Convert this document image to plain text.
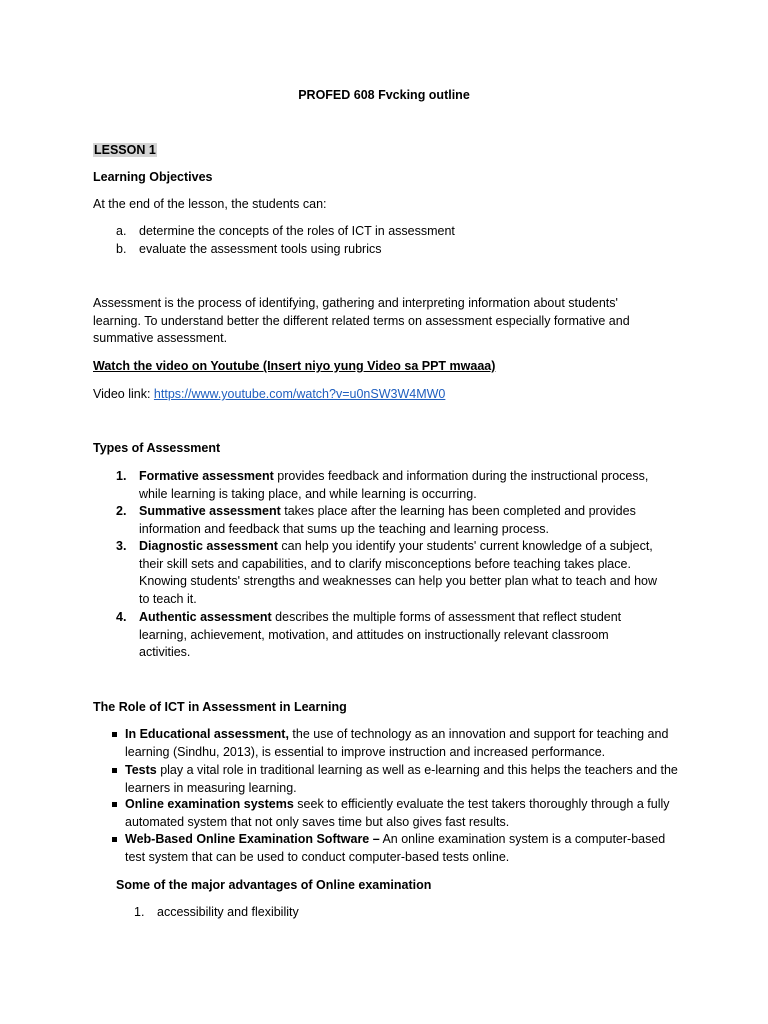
PROFED 608 Fvcking outline
LESSON 1
Learning Objectives
At the end of the lesson, the students can:
a.	determine the concepts of the roles of ICT in assessment
b.	evaluate the assessment tools using rubrics
Assessment is the process of identifying, gathering and interpreting information about students' learning. To understand better the different related terms on assessment especially formative and summative assessment.
Watch the video on Youtube (Insert niyo yung Video sa PPT mwaaa)
Video link: https://www.youtube.com/watch?v=u0nSW3W4MW0
Types of Assessment
1.	Formative assessment provides feedback and information during the instructional process, while learning is taking place, and while learning is occurring.
2.	Summative assessment takes place after the learning has been completed and provides information and feedback that sums up the teaching and learning process.
3.	Diagnostic assessment can help you identify your students' current knowledge of a subject, their skill sets and capabilities, and to clarify misconceptions before teaching takes place. Knowing students' strengths and weaknesses can help you better plan what to teach and how to teach it.
4.	Authentic assessment describes the multiple forms of assessment that reflect student learning, achievement, motivation, and attitudes on instructionally relevant classroom activities.
The Role of ICT in Assessment in Learning
In Educational assessment, the use of technology as an innovation and support for teaching and learning (Sindhu, 2013), is essential to improve instruction and increased performance.
Tests play a vital role in traditional learning as well as e-learning and this helps the teachers and the learners in measuring learning.
Online examination systems seek to efficiently evaluate the test takers thoroughly through a fully automated system that not only saves time but also gives fast results.
Web-Based Online Examination Software – An online examination system is a computer-based test system that can be used to conduct computer-based tests online.
Some of the major advantages of Online examination
1.	accessibility and flexibility
